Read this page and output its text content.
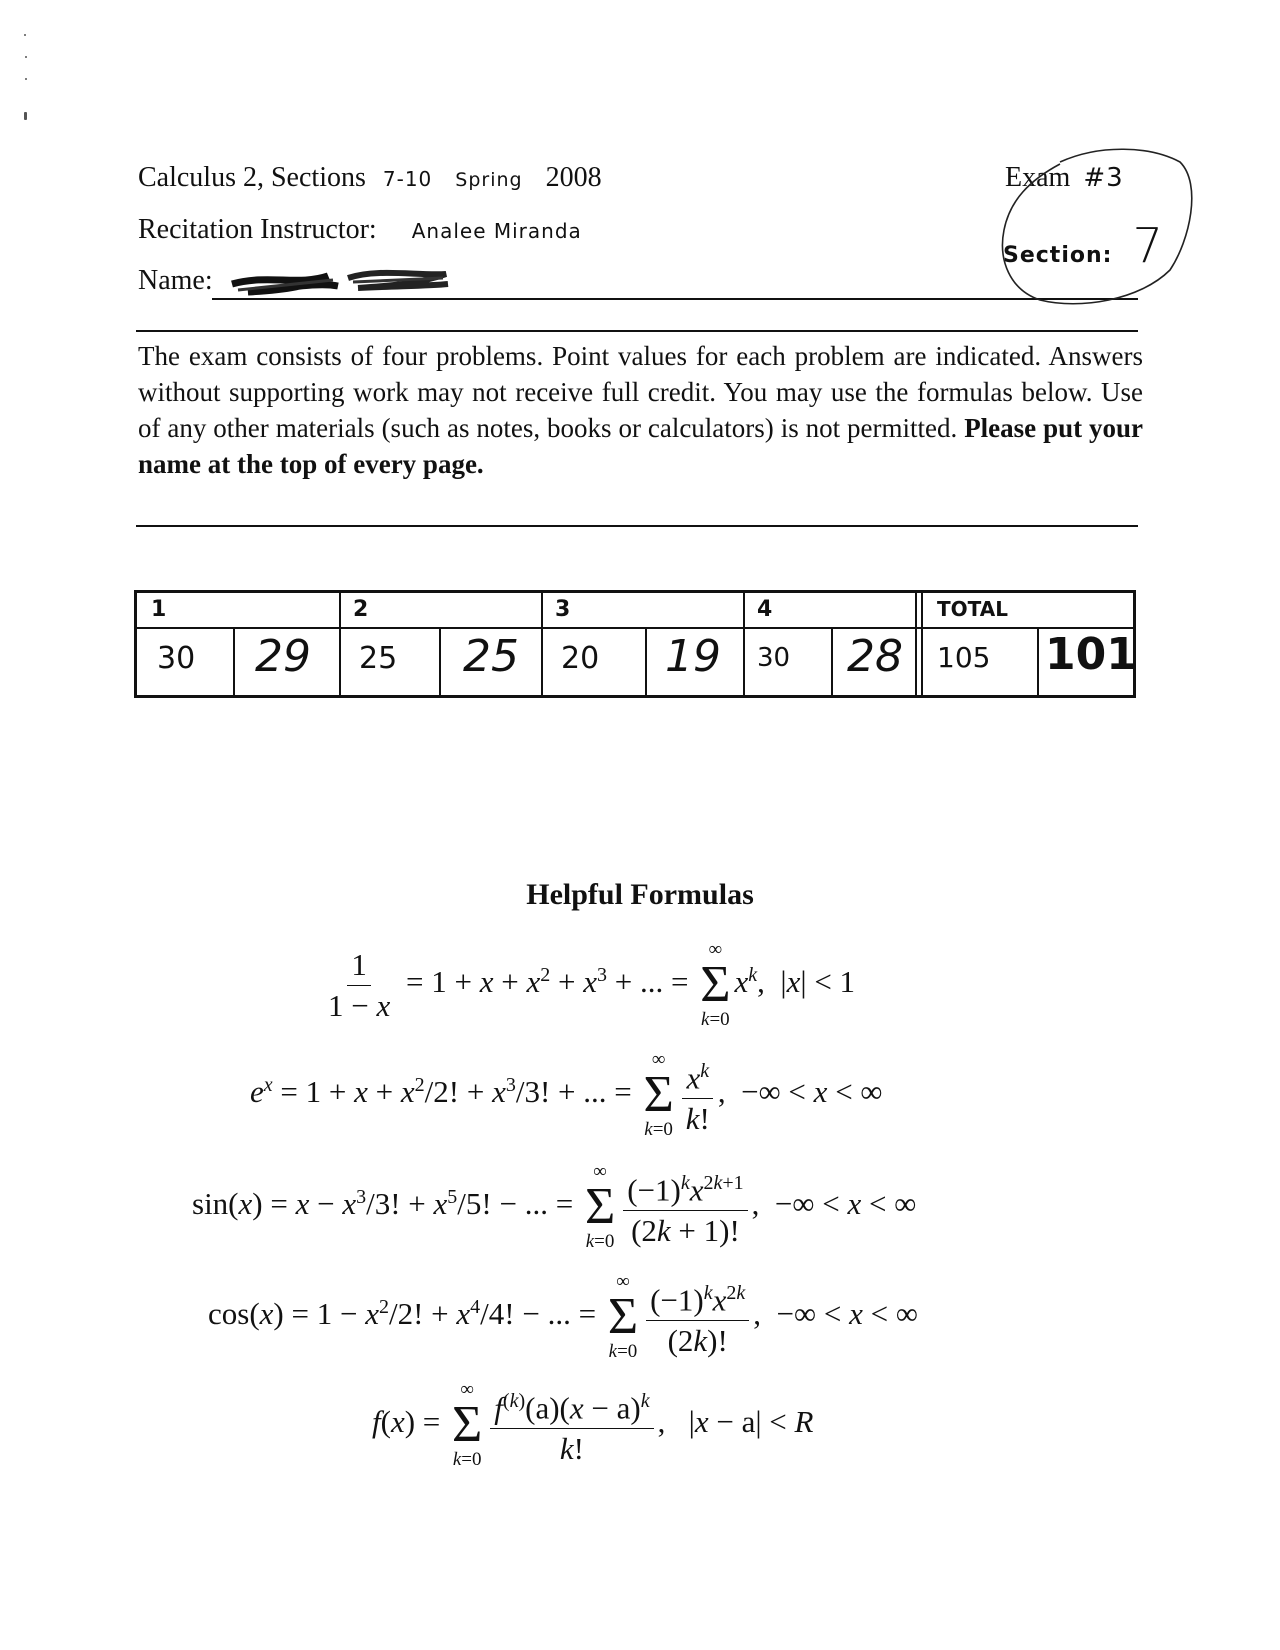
Calculus 2, Sections 7-10 Spring 2008
Recitation Instructor: Analee Miranda
Name:
Exam #3
Section: 7
The exam consists of four problems. Point values for each problem are indicated. Answers without supporting work may not receive full credit. You may use the formulas below. Use of any other materials (such as notes, books or calculators) is not permitted. Please put your name at the top of every page.
1	2	3	4	TOTAL
30	25	20	30	105
29	25	19	28	101
Helpful Formulas
$\frac{1}{1 - x} = 1 + x + x^2 + x^3$ + ... =
∞
Σ
k=0
$x^k$,  |x| < 1
$e^x = 1 + x + x^2/2$! + $x^3/3$! + ... =
∞
Σ
$k=0 \frac{x^k}{k!}$ ,  −∞ < x < ∞
$\sin(x) = x - x^3/3$! + $x^5/5$! − ... =
∞
Σ
$k=0 \frac{(-1)^kx^{2k+1}}{(2k + 1)!}$ ,  −∞ < x < ∞
$\cos(x) = 1 - x^2/2$! + $x^4/4$! − ... =
∞
Σ
$k=0 \frac{(-1)^kx^{2k}}{(2k)!}$ ,  −∞ < x < ∞
f(x) =
∞
Σ
$k=0 \frac{f^{(k)}(a)(x - a)^k}{k!}$ ,   |x − a| < R
